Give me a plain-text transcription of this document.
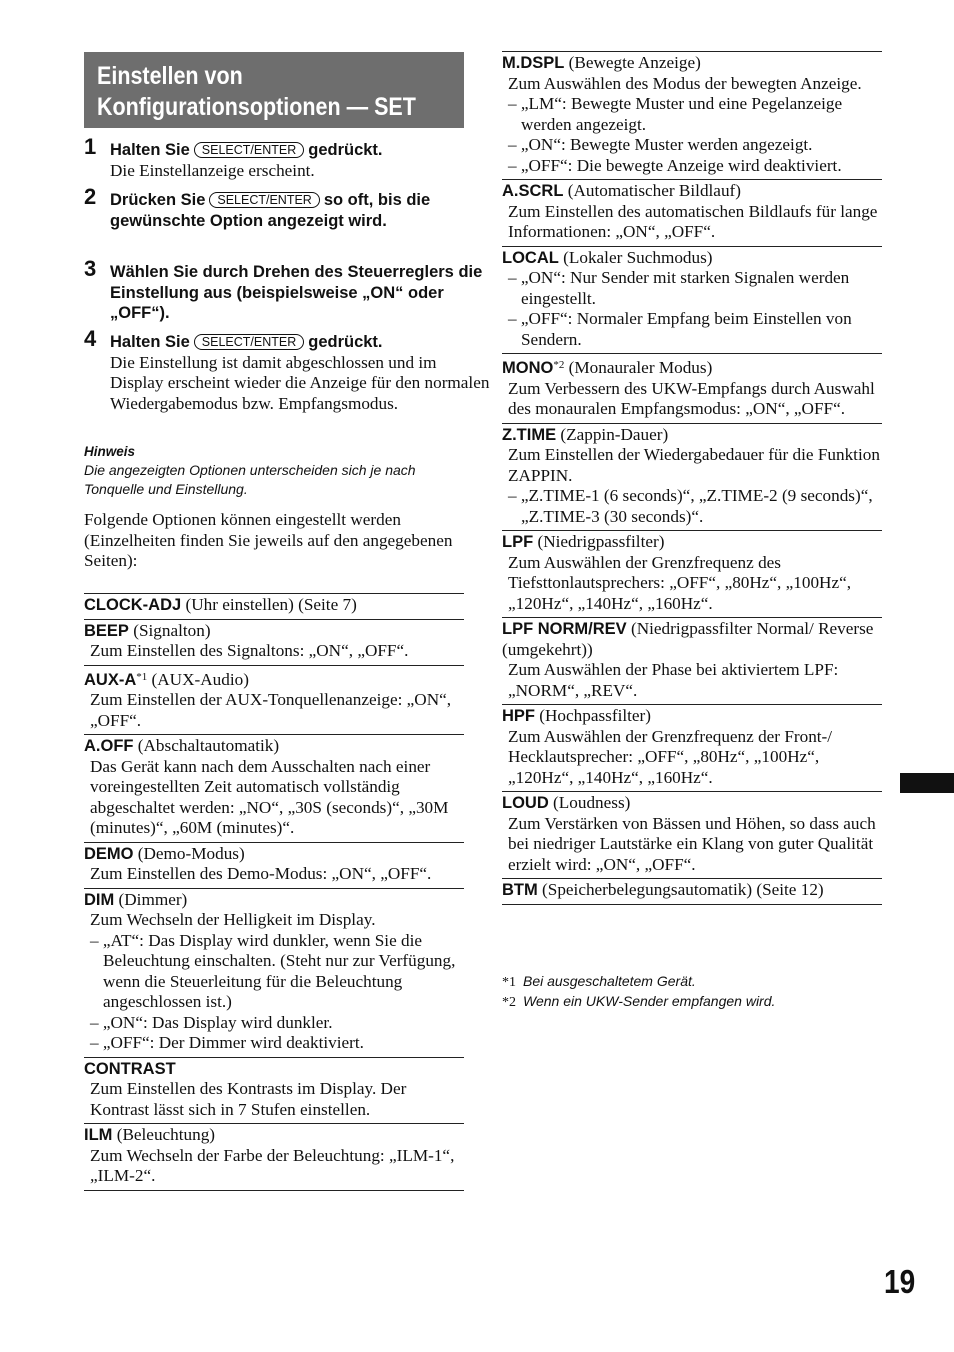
Einstellen von
Konfigurationsoptionen — SET
1 Halten Sie SELECT/ENTER gedrückt.
Die Einstellanzeige erscheint.
2 Drücken Sie SELECT/ENTER so oft, bis die gewünschte Option angezeigt wird.
3 Wählen Sie durch Drehen des Steuerreglers die Einstellung aus (beispielsweise „ON“ oder „OFF“).
4 Halten Sie SELECT/ENTER gedrückt.
Die Einstellung ist damit abgeschlossen und im Display erscheint wieder die Anzeige für den normalen Wiedergabemodus bzw. Empfangsmodus.
Hinweis
Die angezeigten Optionen unterscheiden sich je nach Tonquelle und Einstellung.
Folgende Optionen können eingestellt werden (Einzelheiten finden Sie jeweils auf den angegebenen Seiten):
CLOCK-ADJ (Uhr einstellen) (Seite 7)
BEEP (Signalton)
Zum Einstellen des Signaltons: „ON“, „OFF“.
AUX-$A^{*1}$ (AUX-Audio)
Zum Einstellen der AUX-Tonquellenanzeige: „ON“, „OFF“.
A.OFF (Abschaltautomatik)
Das Gerät kann nach dem Ausschalten nach einer voreingestellten Zeit automatisch vollständig abgeschaltet werden: „NO“, „30S (seconds)“, „30M (minutes)“, „60M (minutes)“.
DEMO (Demo-Modus)
Zum Einstellen des Demo-Modus: „ON“, „OFF“.
DIM (Dimmer)
Zum Wechseln der Helligkeit im Display.
– „AT“: Das Display wird dunkler, wenn Sie die Beleuchtung einschalten. (Steht nur zur Verfügung, wenn die Steuerleitung für die Beleuchtung angeschlossen ist.)
– „ON“: Das Display wird dunkler.
– „OFF“: Der Dimmer wird deaktiviert.
CONTRAST
Zum Einstellen des Kontrasts im Display. Der Kontrast lässt sich in 7 Stufen einstellen.
ILM (Beleuchtung)
Zum Wechseln der Farbe der Beleuchtung: „ILM-1“, „ILM-2“.
M.DSPL (Bewegte Anzeige)
Zum Auswählen des Modus der bewegten Anzeige.
– „LM“: Bewegte Muster und eine Pegelanzeige werden angezeigt.
– „ON“: Bewegte Muster werden angezeigt.
– „OFF“: Die bewegte Anzeige wird deaktiviert.
A.SCRL (Automatischer Bildlauf)
Zum Einstellen des automatischen Bildlaufs für lange Informationen: „ON“, „OFF“.
LOCAL (Lokaler Suchmodus)
– „ON“: Nur Sender mit starken Signalen werden eingestellt.
– „OFF“: Normaler Empfang beim Einstellen von Sendern.
MONO$^{*2}$ (Monauraler Modus)
Zum Verbessern des UKW-Empfangs durch Auswahl des monauralen Empfangsmodus: „ON“, „OFF“.
Z.TIME (Zappin-Dauer)
Zum Einstellen der Wiedergabedauer für die Funktion ZAPPIN.
– „Z.TIME-1 (6 seconds)“, „Z.TIME-2 (9 seconds)“, „Z.TIME-3 (30 seconds)“.
LPF (Niedrigpassfilter)
Zum Auswählen der Grenzfrequenz des Tiefsttonlautsprechers: „OFF“, „80Hz“, „100Hz“, „120Hz“, „140Hz“, „160Hz“.
LPF NORM/REV (Niedrigpassfilter Normal/ Reverse (umgekehrt))
Zum Auswählen der Phase bei aktiviertem LPF: „NORM“, „REV“.
HPF (Hochpassfilter)
Zum Auswählen der Grenzfrequenz der Front-/ Hecklautsprecher: „OFF“, „80Hz“, „100Hz“, „120Hz“, „140Hz“, „160Hz“.
LOUD (Loudness)
Zum Verstärken von Bässen und Höhen, so dass auch bei niedriger Lautstärke ein Klang von guter Qualität erzielt wird: „ON“, „OFF“.
BTM (Speicherbelegungsautomatik) (Seite 12)
*1 Bei ausgeschaltetem Gerät.
*2 Wenn ein UKW-Sender empfangen wird.
19
